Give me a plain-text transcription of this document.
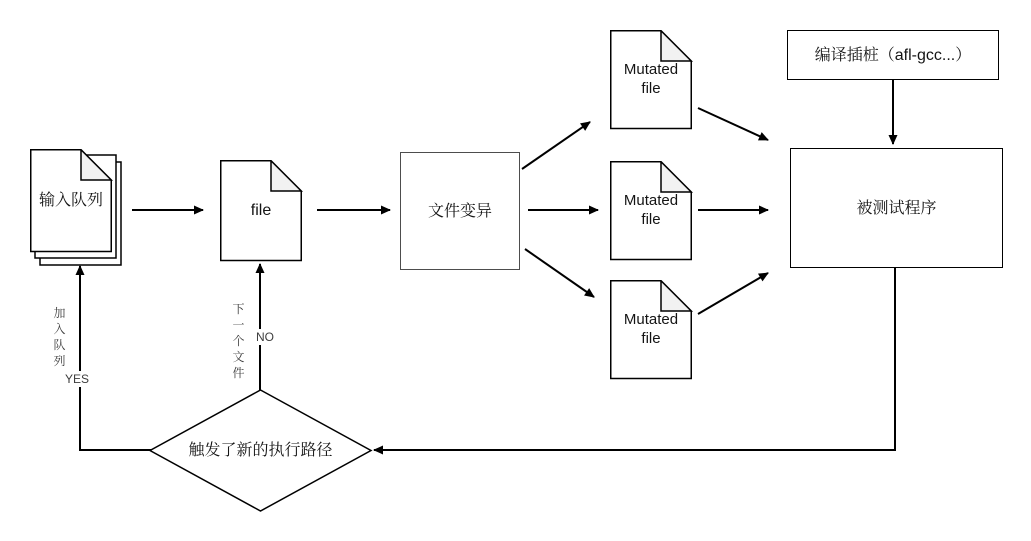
输入队列
file	文件变异
Mutated file
Mutated file
Mutated file
编译插桩（afl-gcc...）
被测试程序
触发了新的执行路径
加入队列
YES
下一个文件
NO
